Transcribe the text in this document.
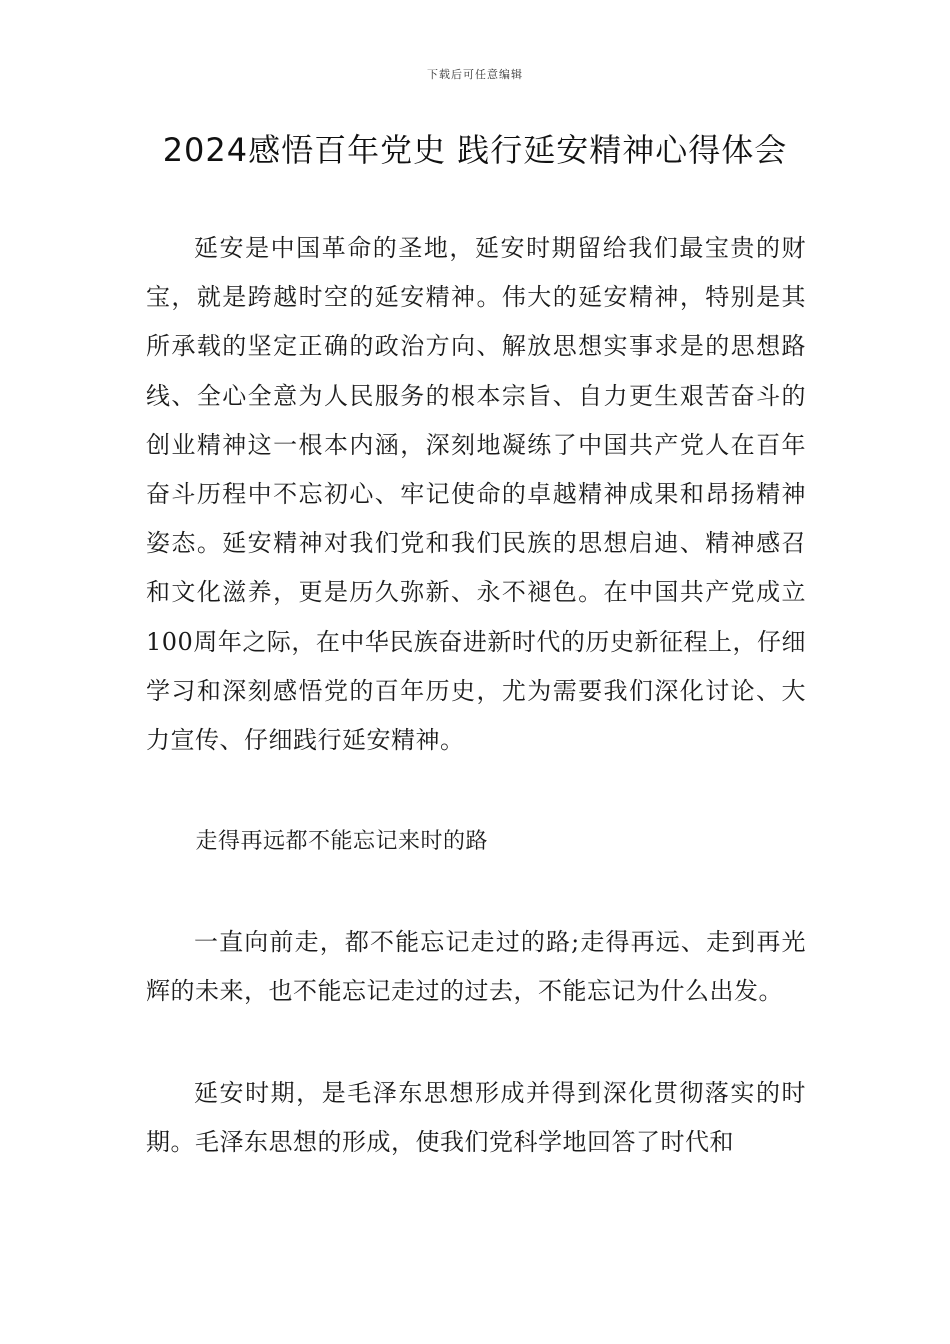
下载后可任意编辑
2024感悟百年党史 践行延安精神心得体会

延安是中国革命的圣地，延安时期留给我们最宝贵的财宝，就是跨越时空的延安精神。伟大的延安精神，特别是其所承载的坚定正确的政治方向、解放思想实事求是的思想路线、全心全意为人民服务的根本宗旨、自力更生艰苦奋斗的创业精神这一根本内涵，深刻地凝练了中国共产党人在百年奋斗历程中不忘初心、牢记使命的卓越精神成果和昂扬精神姿态。延安精神对我们党和我们民族的思想启迪、精神感召和文化滋养，更是历久弥新、永不褪色。在中国共产党成立100周年之际，在中华民族奋进新时代的历史新征程上，仔细学习和深刻感悟党的百年历史，尤为需要我们深化讨论、大力宣传、仔细践行延安精神。

走得再远都不能忘记来时的路

一直向前走，都不能忘记走过的路;走得再远、走到再光辉的未来，也不能忘记走过的过去，不能忘记为什么出发。

延安时期，是毛泽东思想形成并得到深化贯彻落实的时期。毛泽东思想的形成，使我们党科学地回答了时代和
